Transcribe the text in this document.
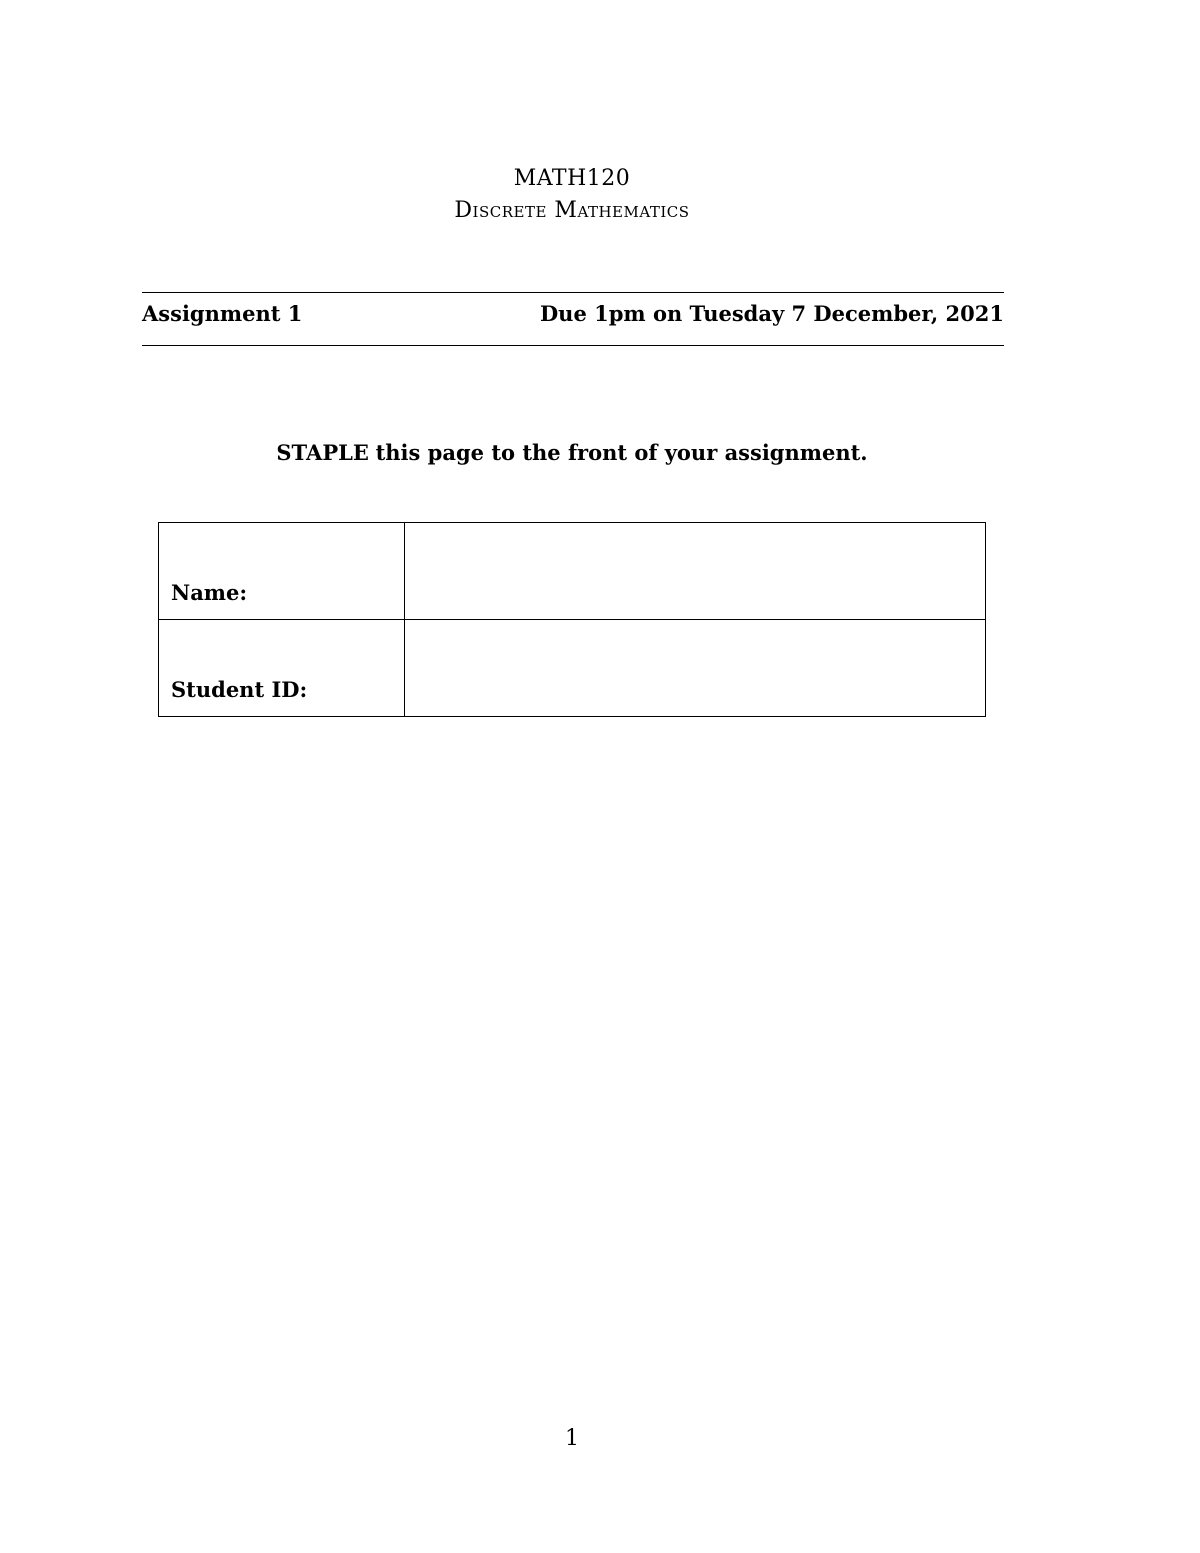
MATH120
Discrete Mathematics
Assignment 1	Due 1pm on Tuesday 7 December, 2021
STAPLE this page to the front of your assignment.
Name:	
Student ID:	
1
